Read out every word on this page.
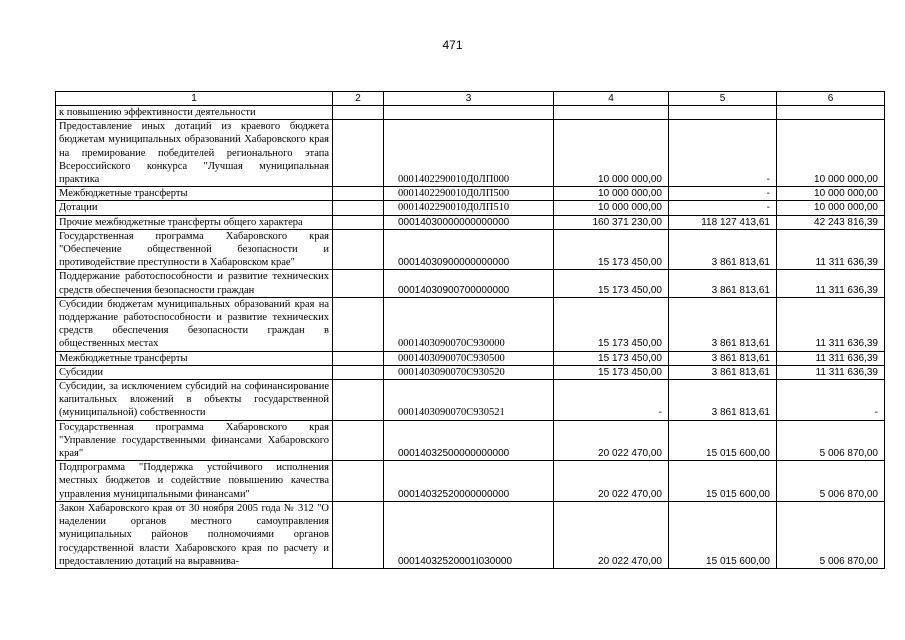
471
1	2	3	4	5	6
к повышению эффективности деятельности					
Предоставление иных дотаций из краевого бюджета бюджетам муниципальных образований Хабаровского края на премирование победителей регионального этапа Всероссийского конкурса "Лучшая муниципальная практика		0001402290010Д0ЛП000	10 000 000,00	-	10 000 000,00
Межбюджетные трансферты		0001402290010Д0ЛП500	10 000 000,00	-	10 000 000,00
Дотации		0001402290010Д0ЛП510	10 000 000,00	-	10 000 000,00
Прочие межбюджетные трансферты общего характера		00014030000000000000	160 371 230,00	118 127 413,61	42 243 816,39
Государственная программа Хабаровского края "Обеспечение общественной безопасности и противодействие преступности в Хабаровском крае"		00014030900000000000	15 173 450,00	3 861 813,61	11 311 636,39
Поддержание работоспособности и развитие технических средств обеспечения безопасности граждан		00014030900700000000	15 173 450,00	3 861 813,61	11 311 636,39
Субсидии бюджетам муниципальных образований края на поддержание работоспособности и развитие технических средств обеспечения безопасности граждан в общественных местах		0001403090070С930000	15 173 450,00	3 861 813,61	11 311 636,39
Межбюджетные трансферты		0001403090070С930500	15 173 450,00	3 861 813,61	11 311 636,39
Субсидии		0001403090070С930520	15 173 450,00	3 861 813,61	11 311 636,39
Субсидии, за исключением субсидий на софинансирование капитальных вложений в объекты государственной (муниципальной) собственности		0001403090070С930521	-	3 861 813,61	-
Государственная программа Хабаровского края "Управление государственными финансами Хабаровского края"		00014032500000000000	20 022 470,00	15 015 600,00	5 006 870,00
Подпрограмма "Поддержка устойчивого исполнения местных бюджетов и содействие повышению качества управления муниципальными финансами"		00014032520000000000	20 022 470,00	15 015 600,00	5 006 870,00
Закон Хабаровского края от 30 ноября 2005 года № 312 "О наделении органов местного самоуправления муниципальных районов полномочиями органов государственной власти Хабаровского края по расчету и предоставлению дотаций на выравнива-		00014032520001I030000	20 022 470,00	15 015 600,00	5 006 870,00
